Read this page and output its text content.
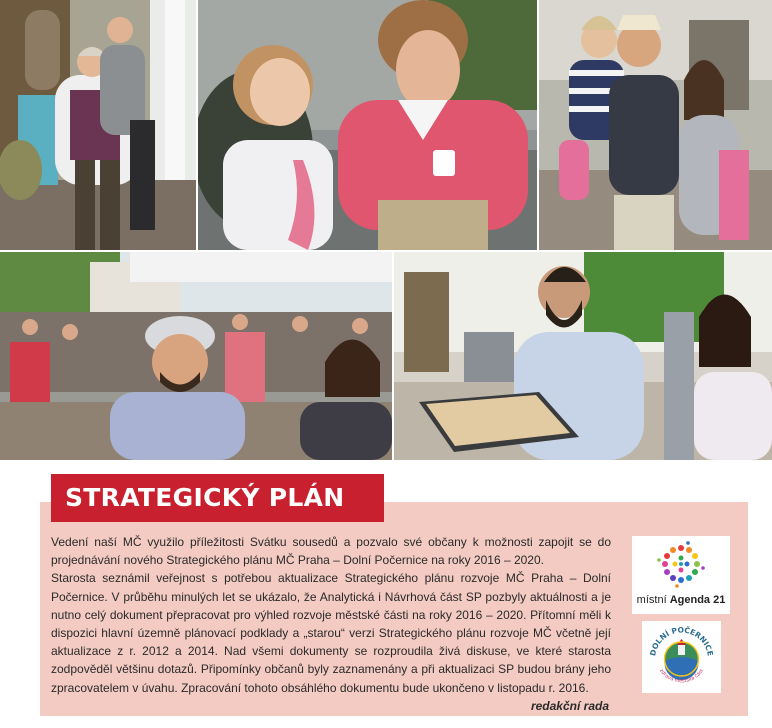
STRATEGICKÝ PLÁN

Vedení naší MČ využilo příležitosti Svátku sousedů a pozvalo své občany k možnosti zapojit se do projednávání nového Strategického plánu MČ Praha – Dolní Počernice na roky 2016 – 2020.

Starosta seznámil veřejnost s potřebou aktualizace Strategického plánu rozvoje MČ Praha – Dolní Počernice. V průběhu minulých let se ukázalo, že Analytická i Návrhová část SP pozbyly aktuálnosti a je nutno celý dokument přepracovat pro výhled rozvoje městské části na roky 2016 – 2020. Přítomní měli k dispozici hlavní územně plánovací podklady a „starou“ verzi Strategického plánu rozvoje MČ včetně její aktualizace z r. 2012 a 2014. Nad všemi dokumenty se rozproudila živá diskuse, ve které starosta zodpověděl většinu dotazů. Připomínky občanů byly zaznamenány a při aktualizaci SP budou brány jeho zpracovatelem v úvahu. Zpracování tohoto obsáhlého dokumentu bude ukončeno v listopadu r. 2016.
redakční rada

místní Agenda 21
DOLNÍ POČERNICE
zdravá městská část
